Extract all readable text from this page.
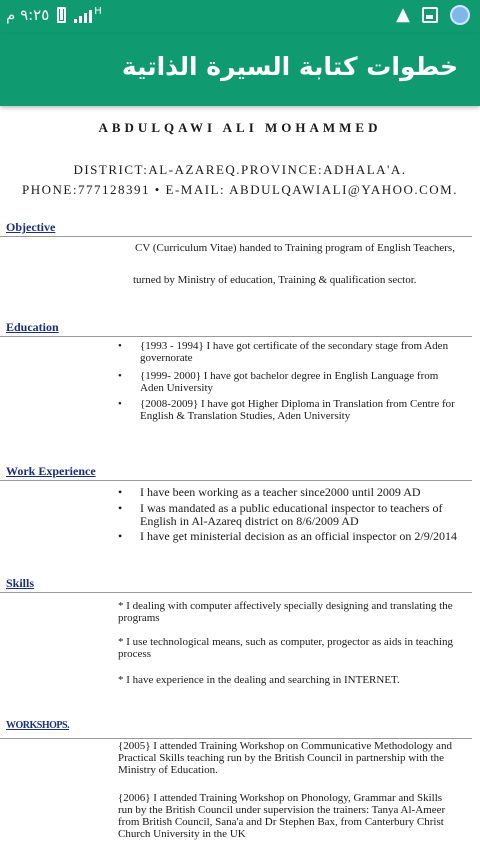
٩:٢٥ م	H	▲
خطوات كتابة السيرة الذاتية
ABDULQAWI ALI MOHAMMED
DISTRICT:AL-AZAREQ.PROVINCE:ADHALA'A.
PHONE:777128391 • E-MAIL: ABDULQAWIALI@YAHOO.COM.
Objective
CV (Curriculum Vitae) handed to Training program of English Teachers,
turned by Ministry of education, Training & qualification sector.
Education
• {1993 - 1994} I have got certificate of the secondary stage from Aden governorate
• {1999- 2000} I have got bachelor degree in English Language from Aden University
• {2008-2009} I have got Higher Diploma in Translation from Centre for English & Translation Studies, Aden University
Work Experience
• I have been working as a teacher since2000 until 2009 AD
• I was mandated as a public educational inspector to teachers of English in Al-Azareq district on 8/6/2009 AD
• I have get ministerial decision as an official inspector on 2/9/2014
Skills
* I dealing with computer affectively specially designing and translating the programs
* I use technological means, such as computer, progector as aids in teaching process
* I have experience in the dealing and searching in INTERNET.
WORKSHOPS.
{2005} I attended Training Workshop on Communicative Methodology and Practical Skills teaching run by the British Council in partnership with the Ministry of Education.
{2006} I attended Training Workshop on Phonology, Grammar and Skills run by the British Council under supervision the trainers: Tanya Al-Ameer from British Council, Sana'a and Dr Stephen Bax, from Canterbury Christ Church University in the UK
